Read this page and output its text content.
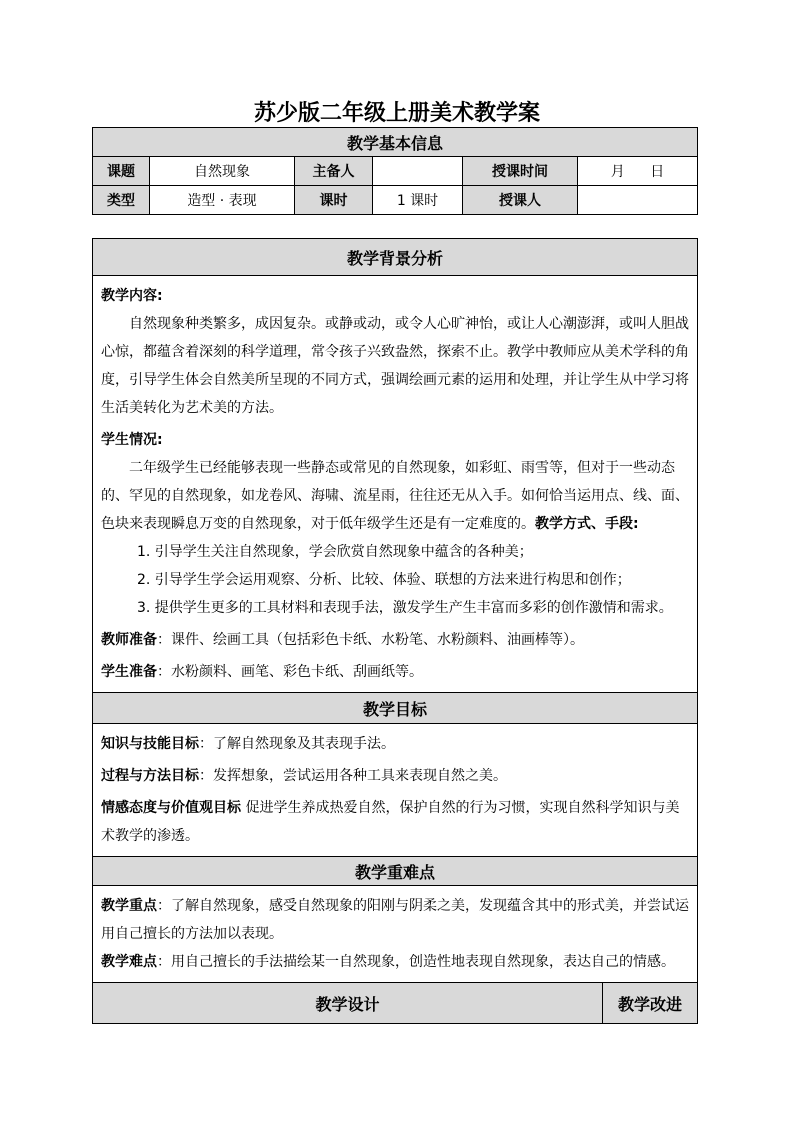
苏少版二年级上册美术教学案
教学基本信息					
课题	自然现象	主备人		授课时间	月 日

类型	造型 · 表现	课时	1 课时	授课人	
教学背景分析

教学内容:

自然现象种类繁多，成因复杂。或静或动，或令人心旷神怡，或让人心潮澎湃，或叫人胆战心惊，都蕴含着深刻的科学道理，常令孩子兴致盎然，探索不止。教学中教师应从美术学科的角度，引导学生体会自然美所呈现的不同方式，强调绘画元素的运用和处理，并让学生从中学习将生活美转化为艺术美的方法。

学生情况:

二年级学生已经能够表现一些静态或常见的自然现象，如彩虹、雨雪等，但对于一些动态的、罕见的自然现象，如龙卷风、海啸、流星雨，往往还无从入手。如何恰当运用点、线、面、色块来表现瞬息万变的自然现象，对于低年级学生还是有一定难度的。教学方式、手段:

1. 引导学生关注自然现象，学会欣赏自然现象中蕴含的各种美；

2. 引导学生学会运用观察、分析、比较、体验、联想的方法来进行构思和创作；

3. 提供学生更多的工具材料和表现手法，激发学生产生丰富而多彩的创作激情和需求。

教师准备：课件、绘画工具（包括彩色卡纸、水粉笔、水粉颜料、油画棒等）。

学生准备：水粉颜料、画笔、彩色卡纸、刮画纸等。

教学目标

知识与技能目标：了解自然现象及其表现手法。

过程与方法目标：发挥想象，尝试运用各种工具来表现自然之美。

情感态度与价值观目标 促进学生养成热爱自然，保护自然的行为习惯，实现自然科学知识与美术教学的渗透。

教学重难点

教学重点：了解自然现象，感受自然现象的阳刚与阴柔之美，发现蕴含其中的形式美，并尝试运用自己擅长的方法加以表现。

教学难点：用自己擅长的手法描绘某一自然现象，创造性地表现自然现象，表达自己的情感。

教学设计	教学改进
